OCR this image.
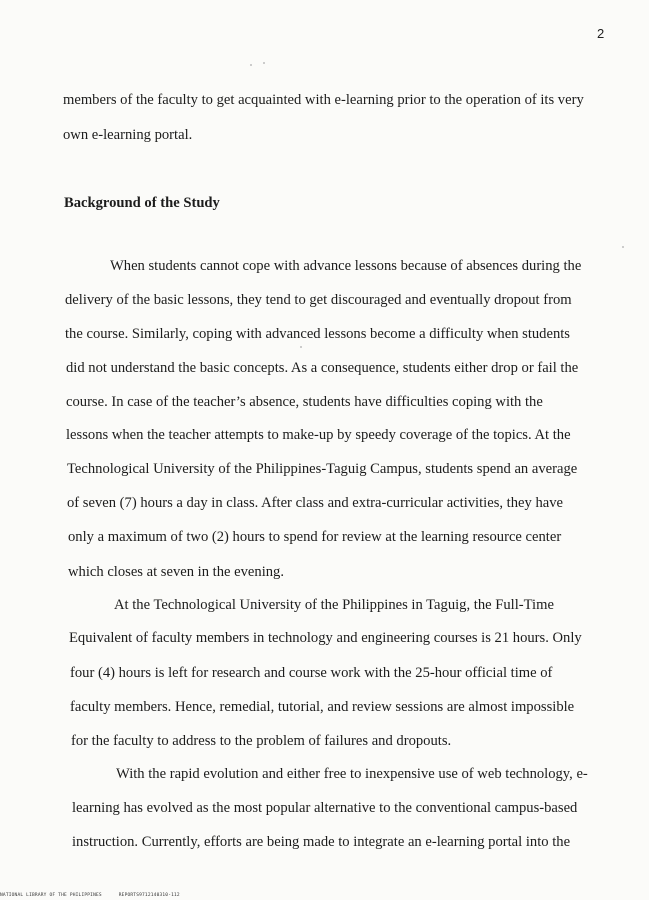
2
members of the faculty to get acquainted with e-learning prior to the operation of its very
own e-learning portal.
Background of the Study
When students cannot cope with advance lessons because of absences during the
delivery of the basic lessons, they tend to get discouraged and eventually dropout from
the course. Similarly, coping with advanced lessons become a difficulty when students
did not understand the basic concepts. As a consequence, students either drop or fail the
course. In case of the teacher’s absence, students have difficulties coping with the
lessons when the teacher attempts to make-up by speedy coverage of the topics. At the
Technological University of the Philippines-Taguig Campus, students spend an average
of seven (7) hours a day in class. After class and extra-curricular activities, they have
only a maximum of two (2) hours to spend for review at the learning resource center
which closes at seven in the evening.
At the Technological University of the Philippines in Taguig, the Full-Time
Equivalent of faculty members in technology and engineering courses is 21 hours. Only
four (4) hours is left for research and course work with the 25-hour official time of
faculty members. Hence, remedial, tutorial, and review sessions are almost impossible
for the faculty to address to the problem of failures and dropouts.
With the rapid evolution and either free to inexpensive use of web technology, e-
learning has evolved as the most popular alternative to the conventional campus-based
instruction. Currently, efforts are being made to integrate an e-learning portal into the
NATIONAL LIBRARY OF THE PHILIPPINES	REPORTS9712140310-112
